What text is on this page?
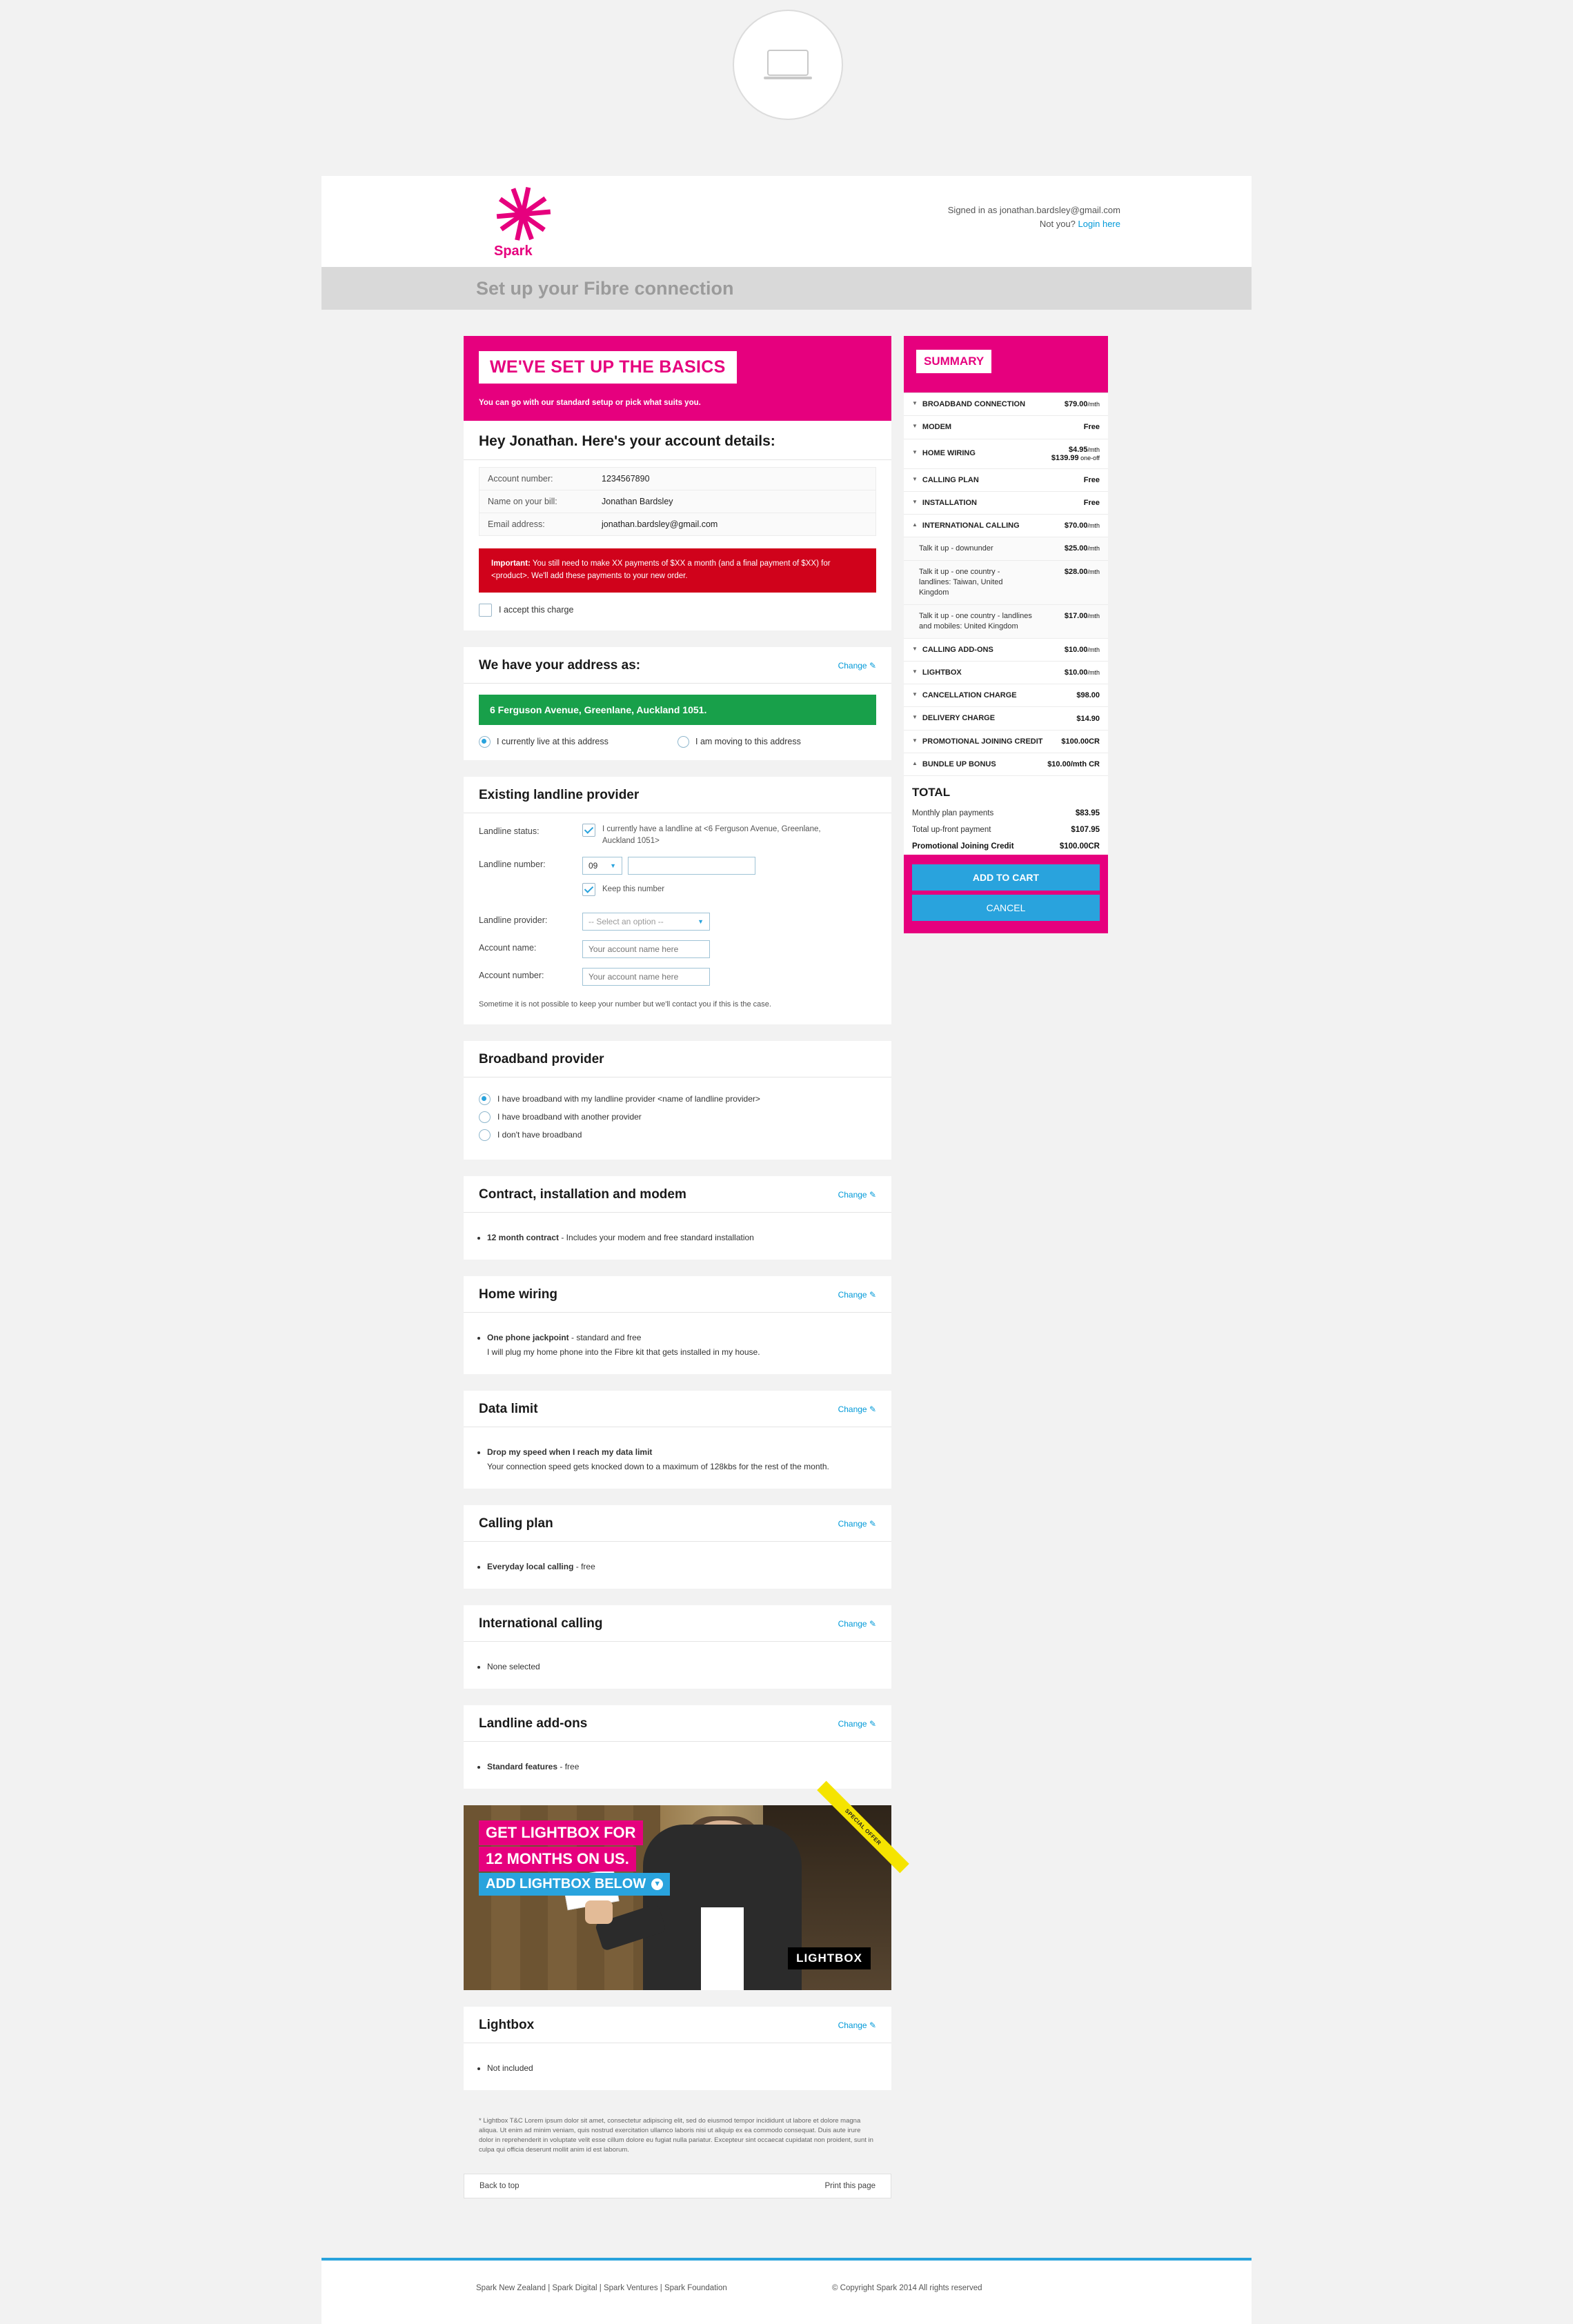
Spark
Signed in as jonathan.bardsley@gmail.com
Not you? Login here
Set up your Fibre connection
WE'VE SET UP THE BASICS
You can go with our standard setup or pick what suits you.
Hey Jonathan. Here's your account details:
Account number:	1234567890
Name on your bill:	Jonathan Bardsley
Email address:	jonathan.bardsley@gmail.com
Important: You still need to make XX payments of $XX a month (and a final payment of $XX) for <product>. We'll add these payments to your new order.
I accept this charge
We have your address as:	Change ✎
6 Ferguson Avenue, Greenlane, Auckland 1051.
I currently live at this address	I am moving to this address
Existing landline provider
Landline status:	I currently have a landline at <6 Ferguson Avenue, Greenlane, Auckland 1051>
Landline number:	09 ▼
Keep this number
Landline provider:	-- Select an option --	▼
Account name:
Your account name here
Account number:
Your account name here
Sometime it is not possible to keep your number but we'll contact you if this is the case.
Broadband provider
I have broadband with my landline provider <name of landline provider>
I have broadband with another provider
I don't have broadband
Contract, installation and modem	Change ✎
• 12 month contract - Includes your modem and free standard installation
Home wiring	Change ✎
• One phone jackpoint - standard and free
I will plug my home phone into the Fibre kit that gets installed in my house.
Data limit	Change ✎
• Drop my speed when I reach my data limit
Your connection speed gets knocked down to a maximum of 128kbs for the rest of the month.
Calling plan	Change ✎
• Everyday local calling - free
International calling	Change ✎
• None selected
Landline add-ons	Change ✎
• Standard features - free
GET LIGHTBOX FOR
12 MONTHS ON US.
ADD LIGHTBOX BELOW ▼
LIGHTBOX
SPECIAL OFFER
Lightbox	Change ✎
• Not included
* Lightbox T&C Lorem ipsum dolor sit amet, consectetur adipiscing elit, sed do eiusmod tempor incididunt ut labore et dolore magna aliqua. Ut enim ad minim veniam, quis nostrud exercitation ullamco laboris nisi ut aliquip ex ea commodo consequat. Duis aute irure dolor in reprehenderit in voluptate velit esse cillum dolore eu fugiat nulla pariatur. Excepteur sint occaecat cupidatat non proident, sunt in culpa qui officia deserunt mollit anim id est laborum.
Back to top	Print this page
SUMMARY
▼ BROADBAND CONNECTION	$79.00/mth
▼ MODEM	Free
▼ HOME WIRING	$4.95/mth
$139.99 one-off
▼ CALLING PLAN	Free
▼ INSTALLATION	Free
▲ INTERNATIONAL CALLING	$70.00/mth
Talk it up - downunder	$25.00/mth
Talk it up - one country - landlines: Taiwan, United Kingdom
$28.00/mth
Talk it up - one country - landlines and mobiles: United Kingdom
$17.00/mth
▼ CALLING ADD-ONS	$10.00/mth
▼ LIGHTBOX	$10.00/mth
▼ CANCELLATION CHARGE	$98.00
▼ DELIVERY CHARGE	$14.90
▼ PROMOTIONAL JOINING CREDIT $100.00CR
▲ BUNDLE UP BONUS	$10.00/mth CR
TOTAL
Monthly plan payments	$83.95
Total up-front payment	$107.95
Promotional Joining Credit	$100.00CR
ADD TO CART
CANCEL
Spark New Zealand | Spark Digital | Spark Ventures | Spark Foundation	© Copyright Spark 2014 All rights reserved
